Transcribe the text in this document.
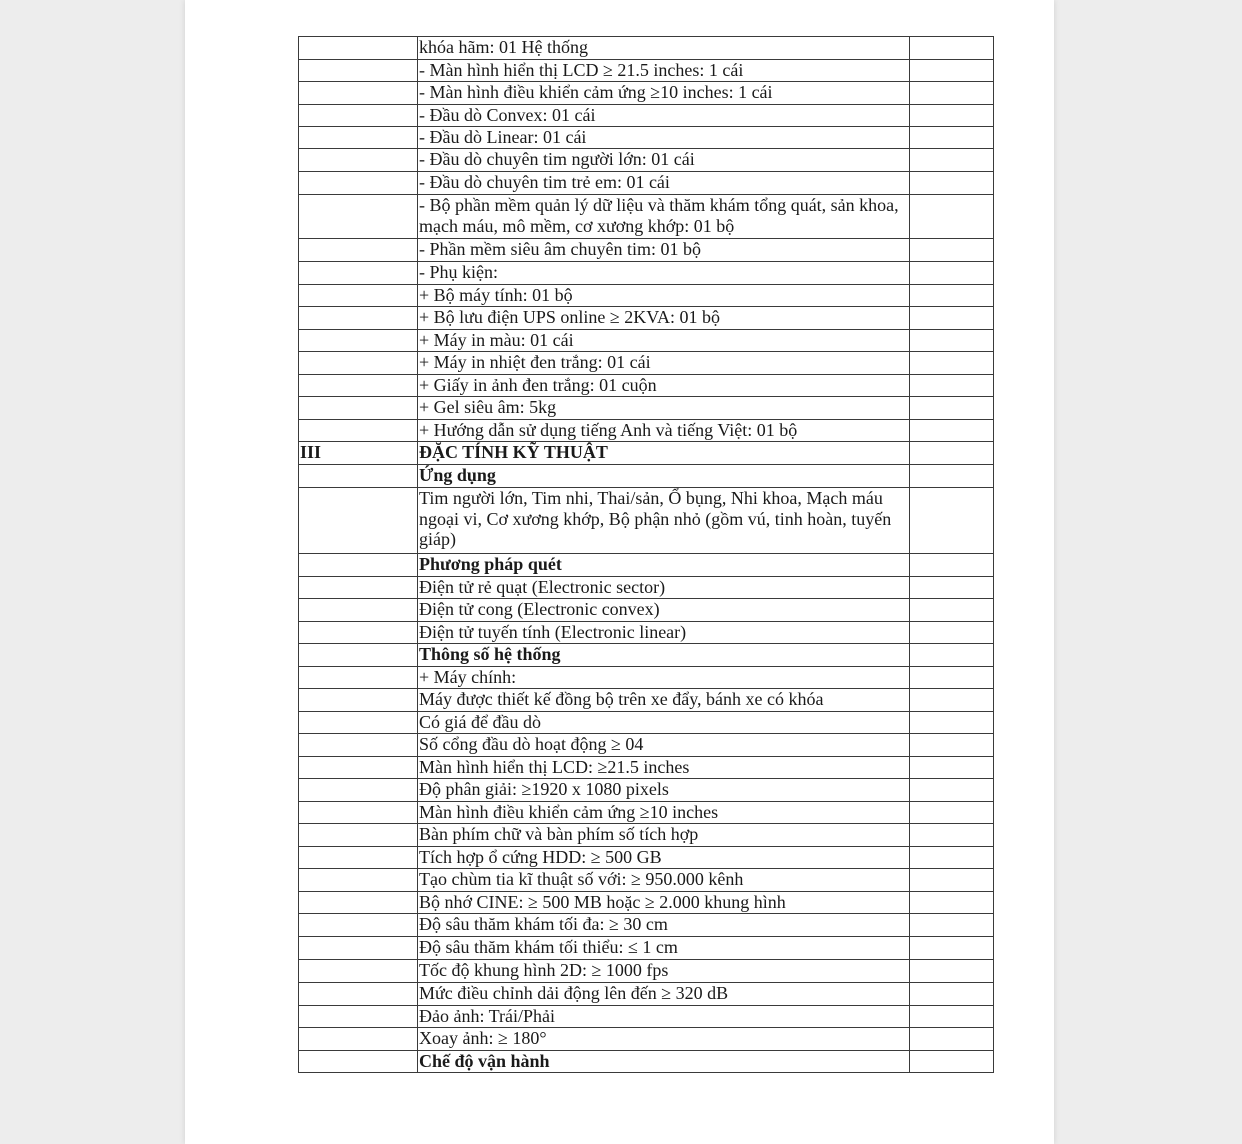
	khóa hãm: 01 Hệ thống	
	- Màn hình hiển thị LCD ≥ 21.5 inches: 1 cái	
	- Màn hình điều khiển cảm ứng ≥10 inches: 1 cái	
	- Đầu dò Convex: 01 cái	
	- Đầu dò Linear: 01 cái	
	- Đầu dò chuyên tim người lớn: 01 cái	
	- Đầu dò chuyên tim trẻ em: 01 cái	
	- Bộ phần mềm quản lý dữ liệu và thăm khám tổng quát, sản khoa, mạch máu, mô mềm, cơ xương khớp: 01 bộ	
	- Phần mềm siêu âm chuyên tim: 01 bộ	
	- Phụ kiện:	
	+ Bộ máy tính: 01 bộ	
	+ Bộ lưu điện UPS online ≥ 2KVA: 01 bộ	
	+ Máy in màu: 01 cái	
	+ Máy in nhiệt đen trắng: 01 cái	
	+ Giấy in ảnh đen trắng: 01 cuộn	
	+ Gel siêu âm: 5kg	
	+ Hướng dẫn sử dụng tiếng Anh và tiếng Việt: 01 bộ	
III	ĐẶC TÍNH KỸ THUẬT	
	Ứng dụng	
	Tim người lớn, Tim nhi, Thai/sản, Ổ bụng, Nhi khoa, Mạch máu ngoại vi, Cơ xương khớp, Bộ phận nhỏ (gồm vú, tinh hoàn, tuyến giáp)	
	Phương pháp quét	
	Điện tử rẻ quạt (Electronic sector)	
	Điện tử cong (Electronic convex)	
	Điện tử tuyến tính (Electronic linear)	
	Thông số hệ thống	
	+ Máy chính:	
	Máy được thiết kế đồng bộ trên xe đẩy, bánh xe có khóa	
	Có giá để đầu dò	
	Số cổng đầu dò hoạt động ≥ 04	
	Màn hình hiển thị LCD: ≥21.5 inches	
	Độ phân giải: ≥1920 x 1080 pixels	
	Màn hình điều khiển cảm ứng ≥10 inches	
	Bàn phím chữ và bàn phím số tích hợp	
	Tích hợp ổ cứng HDD: ≥ 500 GB	
	Tạo chùm tia kĩ thuật số với: ≥ 950.000 kênh	
	Bộ nhớ CINE: ≥ 500 MB hoặc ≥ 2.000 khung hình	
	Độ sâu thăm khám tối đa: ≥ 30 cm	
	Độ sâu thăm khám tối thiểu: ≤ 1 cm	
	Tốc độ khung hình 2D: ≥ 1000 fps	
	Mức điều chỉnh dải động lên đến ≥ 320 dB	
	Đảo ảnh: Trái/Phải	
	Xoay ảnh: ≥ 180°	
	Chế độ vận hành	
